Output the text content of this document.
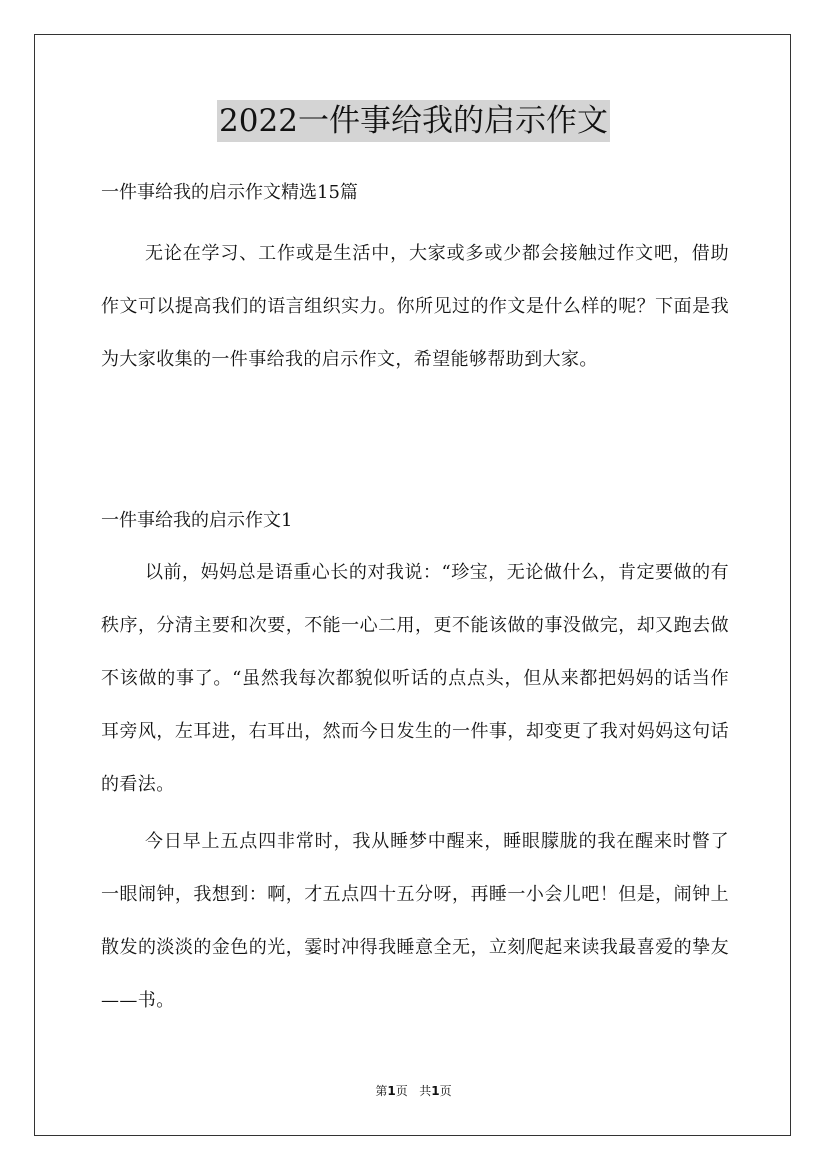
2022一件事给我的启示作文
一件事给我的启示作文精选15篇

无论在学习、工作或是生活中，大家或多或少都会接触过作文吧，借助作文可以提高我们的语言组织实力。你所见过的作文是什么样的呢？下面是我为大家收集的一件事给我的启示作文，希望能够帮助到大家。

一件事给我的启示作文1

以前，妈妈总是语重心长的对我说：“珍宝，无论做什么，肯定要做的有秩序，分清主要和次要，不能一心二用，更不能该做的事没做完，却又跑去做不该做的事了。“虽然我每次都貌似听话的点点头，但从来都把妈妈的话当作耳旁风，左耳进，右耳出，然而今日发生的一件事，却变更了我对妈妈这句话的看法。

今日早上五点四非常时，我从睡梦中醒来，睡眼朦胧的我在醒来时瞥了一眼闹钟，我想到：啊，才五点四十五分呀，再睡一小会儿吧！但是，闹钟上散发的淡淡的金色的光，霎时冲得我睡意全无，立刻爬起来读我最喜爱的挚友——书。

第1页 共1页
